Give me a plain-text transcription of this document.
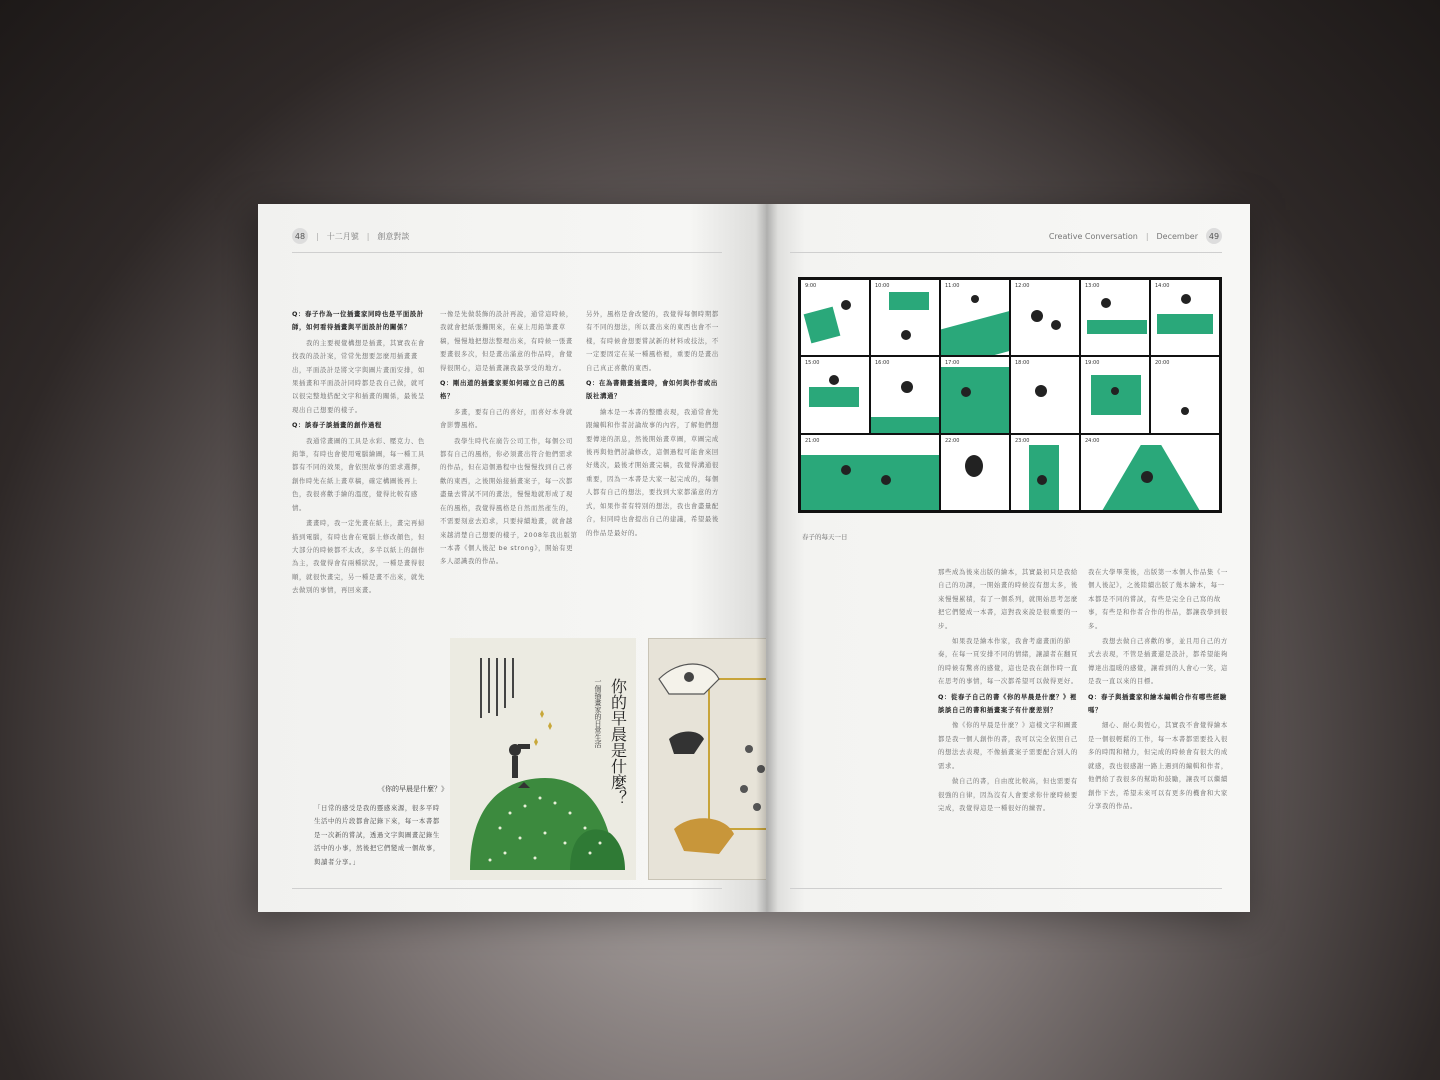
48	| 十二月號 | 創意對談

Q：春子作為一位插畫家同時也是平面設計師，如何看待插畫與平面設計的關係？

我的主要視覺構想是插畫，其實我在會找我的設計案，常常先想要怎麼用插畫畫出，平面設計是將文字與圖片畫面安排，如果插畫和平面設計同時都是我自己做，就可以很完整地搭配文字和插畫的關係，最後呈現出自己想要的樣子。

Q：談春子談插畫的創作過程

我通常畫圖的工具是水彩、壓克力、色鉛筆，有時也會使用電腦繪圖，每一種工具都有不同的效果，會依照故事的需求選擇，創作時先在紙上畫草稿，確定構圖後再上色，我很喜歡手繪的溫度，覺得比較有感情。

畫畫時，我一定先畫在紙上，畫完再掃描到電腦，有時也會在電腦上修改顏色，但大部分的時候都不太改，多半以紙上的創作為主，我覺得會有兩種狀況，一種是畫得很順，就很快畫完，另一種是畫不出來，就先去做別的事情，再回來畫。

一像是先做裝飾的設計再說，通常這時候，我就會把紙張攤開來，在桌上用鉛筆畫草稿，慢慢地把想法整理出來，有時候一張畫要畫很多次，但是畫出滿意的作品時，會覺得很開心，這是插畫讓我最享受的地方。

Q：剛出道的插畫家要如何確立自己的風格？

多畫，要有自己的喜好，而喜好本身就會影響風格。

我學生時代在廣告公司工作，每個公司都有自己的風格，你必須畫出符合他們需求的作品，但在這個過程中也慢慢找到自己喜歡的東西，之後開始接插畫案子，每一次都盡量去嘗試不同的畫法，慢慢地就形成了現在的風格，我覺得風格是自然而然產生的，不需要刻意去追求，只要持續地畫，就會越來越清楚自己想要的樣子，2008年我出版第一本書《個人後記 be strong》，開始有更多人認識我的作品。

另外，風格是會改變的，我覺得每個時期都有不同的想法，所以畫出來的東西也會不一樣，有時候會想要嘗試新的材料或技法，不一定要固定在某一種風格裡，重要的是畫出自己真正喜歡的東西。

Q：在為書籍畫插畫時，會如何與作者或出版社溝通？

繪本是一本書的整體表現，我通常會先跟編輯和作者討論故事的內容，了解他們想要傳達的訊息，然後開始畫草圖，草圖完成後再與他們討論修改，這個過程可能會來回好幾次，最後才開始畫完稿，我覺得溝通很重要，因為一本書是大家一起完成的，每個人都有自己的想法，要找到大家都滿意的方式，如果作者有特別的想法，我也會盡量配合，但同時也會提出自己的建議，希望最後的作品是最好的。

《你的早晨是什麼？》
「日常的感受是我的靈感來源，很多平時生活中的片段都會記錄下來，每一本書都是一次新的嘗試，透過文字與圖畫記錄生活中的小事，然後把它們變成一個故事，與讀者分享。」
你的早晨是什麼？
一個插畫家的日常生活
Creative Conversation | December	49
9:00	10:00	11:00	12:00	13:00	14:00
15:00	16:00	17:00	18:00	19:00	20:00
21:00	22:00	23:00	24:00
春子的每天一日

那些成為後來出版的繪本，其實最初只是我給自己的功課，一開始畫的時候沒有想太多，後來慢慢累積，有了一個系列，就開始思考怎麼把它們變成一本書，這對我來說是很重要的一步。

如果我是繪本作家，我會考慮畫面的節奏，在每一頁安排不同的情緒，讓讀者在翻頁的時候有驚喜的感覺，這也是我在創作時一直在思考的事情，每一次都希望可以做得更好。

Q：從春子自己的書《你的早晨是什麼？》裡談談自己的書和插畫案子有什麼差別？

像《你的早晨是什麼？》這樣文字和圖畫都是我一個人創作的書，我可以完全依照自己的想法去表現，不像插畫案子需要配合別人的需求。

做自己的書，自由度比較高，但也需要有很強的自律，因為沒有人會要求你什麼時候要完成，我覺得這是一種很好的練習。

我在大學畢業後，出版第一本個人作品集《一個人後記》，之後陸續出版了幾本繪本，每一本都是不同的嘗試，有些是完全自己寫的故事，有些是和作者合作的作品，都讓我學到很多。

我想去做自己喜歡的事，並且用自己的方式去表現，不管是插畫還是設計，都希望能夠傳達出溫暖的感覺，讓看到的人會心一笑，這是我一直以來的目標。

Q：春子與插畫家和繪本編輯合作有哪些經驗嗎？

細心、耐心與恆心，其實我不會覺得繪本是一個很輕鬆的工作，每一本書都需要投入很多的時間和精力，但完成的時候會有很大的成就感，我也很感謝一路上遇到的編輯和作者，他們給了我很多的幫助和鼓勵，讓我可以繼續創作下去，希望未來可以有更多的機會和大家分享我的作品。
